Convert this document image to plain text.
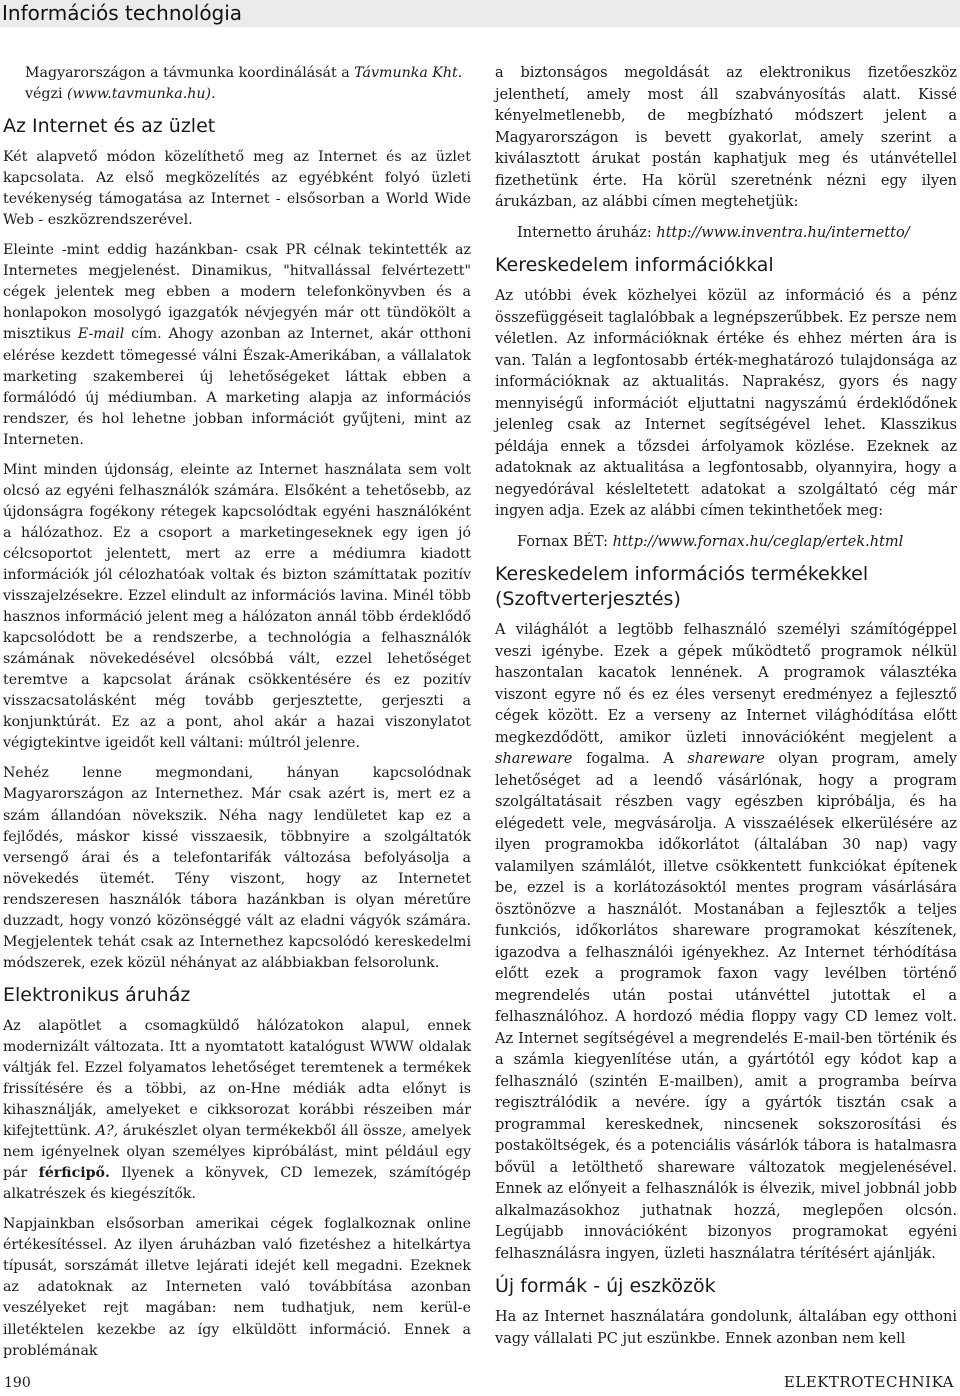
Információs technológia

Magyarországon a távmunka koordinálását a Távmunka Kht.
végzi (www.tavmunka.hu).

Az Internet és az üzlet

Két alapvető módon közelíthető meg az Internet és az üzlet kapcsolata. Az első megközelítés az egyébként folyó üzleti tevékenység támogatása az Internet - elsősorban a World Wide Web - eszközrendszerével.

Eleinte -mint eddig hazánkban- csak PR célnak tekintették az Internetes megjelenést. Dinamikus, "hitvallással felvértezett" cégek jelentek meg ebben a modern telefonkönyvben és a honlapokon mosolygó igazgatók névjegyén már ott tündökölt a misztikus E-mail cím. Ahogy azonban az Internet, akár otthoni elérése kezdett tömegessé válni Észak-Amerikában, a vállalatok marketing szakemberei új lehetőségeket láttak ebben a formálódó új médiumban. A marketing alapja az információs rendszer, és hol lehetne jobban információt gyűjteni, mint az Interneten.

Mint minden újdonság, eleinte az Internet használata sem volt olcsó az egyéni felhasználók számára. Elsőként a tehetősebb, az újdonságra fogékony rétegek kapcsolódtak egyéni használóként a hálózathoz. Ez a csoport a marketingeseknek egy igen jó célcsoportot jelentett, mert az erre a médiumra kiadott információk jól célozhatóak voltak és bizton számíttatak pozitív visszajelzésekre. Ezzel elindult az információs lavina. Minél több hasznos információ jelent meg a hálózaton annál több érdeklődő kapcsolódott be a rendszerbe, a technológia a felhasználók számának növekedésével olcsóbbá vált, ezzel lehetőséget teremtve a kapcsolat árának csökkentésére és ez pozitív visszacsatolásként még tovább gerjesztette, gerjeszti a konjunktúrát. Ez az a pont, ahol akár a hazai viszonylatot végigtekintve igeidőt kell váltani: múltról jelenre.

Nehéz lenne megmondani, hányan kapcsolódnak Magyarországon az Internethez. Már csak azért is, mert ez a szám állandóan növekszik. Néha nagy lendületet kap ez a fejlődés, máskor kissé visszaesik, többnyire a szolgáltatók versengő árai és a telefontarifák változása befolyásolja a növekedés ütemét. Tény viszont, hogy az Internetet rendszeresen használók tábora hazánkban is olyan méretűre duzzadt, hogy vonzó közönséggé vált az eladni vágyók számára. Megjelentek tehát csak az Internethez kapcsolódó kereskedelmi módszerek, ezek közül néhányat az alábbiakban felsorolunk.

Elektronikus áruház

Az alapötlet a csomagküldő hálózatokon alapul, ennek modernizált változata. Itt a nyomtatott katalógust WWW oldalak váltják fel. Ezzel folyamatos lehetőséget teremtenek a termékek frissítésére és a többi, az on-Hne médiák adta előnyt is kihasználják, amelyeket e cikksorozat korábbi részeiben már kifejtettünk. A?, árukészlet olyan termékekből áll össze, amelyek nem igényelnek olyan személyes kipróbálást, mint például egy pár férficipő. Ilyenek a könyvek, CD lemezek, számítógép alkatrészek és kiegészítők.

Napjainkban elsősorban amerikai cégek foglalkoznak online értékesítéssel. Az ilyen áruházban való fizetéshez a hitelkártya típusát, sorszámát illetve lejárati idejét kell megadni. Ezeknek az adatoknak az Interneten való továbbítása azonban veszélyeket rejt magában: nem tudhatjuk, nem kerül-e illetéktelen kezekbe az így elküldött információ. Ennek a problémának

a biztonságos megoldását az elektronikus fizetőeszköz jelenthetí, amely most áll szabványosítás alatt. Kissé kényelmetlenebb, de megbízható módszert jelent a Magyarországon is bevett gyakorlat, amely szerint a kiválasztott árukat postán kaphatjuk meg és utánvétellel fizethetünk érte. Ha körül szeretnénk nézni egy ilyen árukázban, az alábbi címen megtehetjük:

Internetto áruház: http://www.inventra.hu/internetto/

Kereskedelem információkkal

Az utóbbi évek közhelyei közül az információ és a pénz összefüggéseit taglalóbbak a legnépszerűbbek. Ez persze nem véletlen. Az információknak értéke és ehhez mérten ára is van. Talán a legfontosabb érték-meghatározó tulajdonsága az információknak az aktualitás. Naprakész, gyors és nagy mennyiségű információt eljuttatni nagyszámú érdeklődőnek jelenleg csak az Internet segítségével lehet. Klasszikus példája ennek a tőzsdei árfolyamok közlése. Ezeknek az adatoknak az aktualitása a legfontosabb, olyannyira, hogy a negyedórával késleltetett adatokat a szolgáltató cég már ingyen adja. Ezek az alábbi címen tekinthetőek meg:

Fornax BÉT: http://www.fornax.hu/ceglap/ertek.html

Kereskedelem információs termékekkel (Szoftverterjesztés)

A világhálót a legtöbb felhasználó személyi számítógéppel veszi igénybe. Ezek a gépek működtető programok nélkül haszontalan kacatok lennének. A programok választéka viszont egyre nő és ez éles versenyt eredményez a fejlesztő cégek között. Ez a verseny az Internet világhódítása előtt megkezdődött, amikor üzleti innovációként megjelent a shareware fogalma. A shareware olyan program, amely lehetőséget ad a leendő vásárlónak, hogy a program szolgáltatásait részben vagy egészben kipróbálja, és ha elégedett vele, megvásárolja. A visszaélések elkerülésére az ilyen programokba időkorlátot (általában 30 nap) vagy valamilyen számlálót, illetve csökkentett funkciókat építenek be, ezzel is a korlátozásoktól mentes program vásárlására ösztönözve a használót. Mostanában a fejlesztők a teljes funkciós, időkorlátos shareware programokat készítenek, igazodva a felhasználói igényekhez. Az Internet térhódítása előtt ezek a programok faxon vagy levélben történő megrendelés után postai utánvéttel jutottak el a felhasználóhoz. A hordozó média floppy vagy CD lemez volt. Az Internet segítségével a megrendelés E-mail-ben történik és a számla kiegyenlítése után, a gyártótól egy kódot kap a felhasználó (szintén E-mailben), amit a programba beírva regisztrálódik a nevére. így a gyártók tisztán csak a programmal kereskednek, nincsenek sokszorosítási és postaköltségek, és a potenciális vásárlók tábora is hatalmasra bővül a letölthető shareware változatok megjelenésével. Ennek az előnyeit a felhasználók is élvezik, mivel jobbnál jobb alkalmazásokhoz juthatnak hozzá, meglepően olcsón. Legújabb innovációként bizonyos programokat egyéni felhasználásra ingyen, üzleti használatra térítésért ajánlják.

Új formák - új eszközök

Ha az Internet használatára gondolunk, általában egy otthoni vagy vállalati PC jut eszünkbe. Ennek azonban nem kell

190	ELEKTROTECHNIKA
